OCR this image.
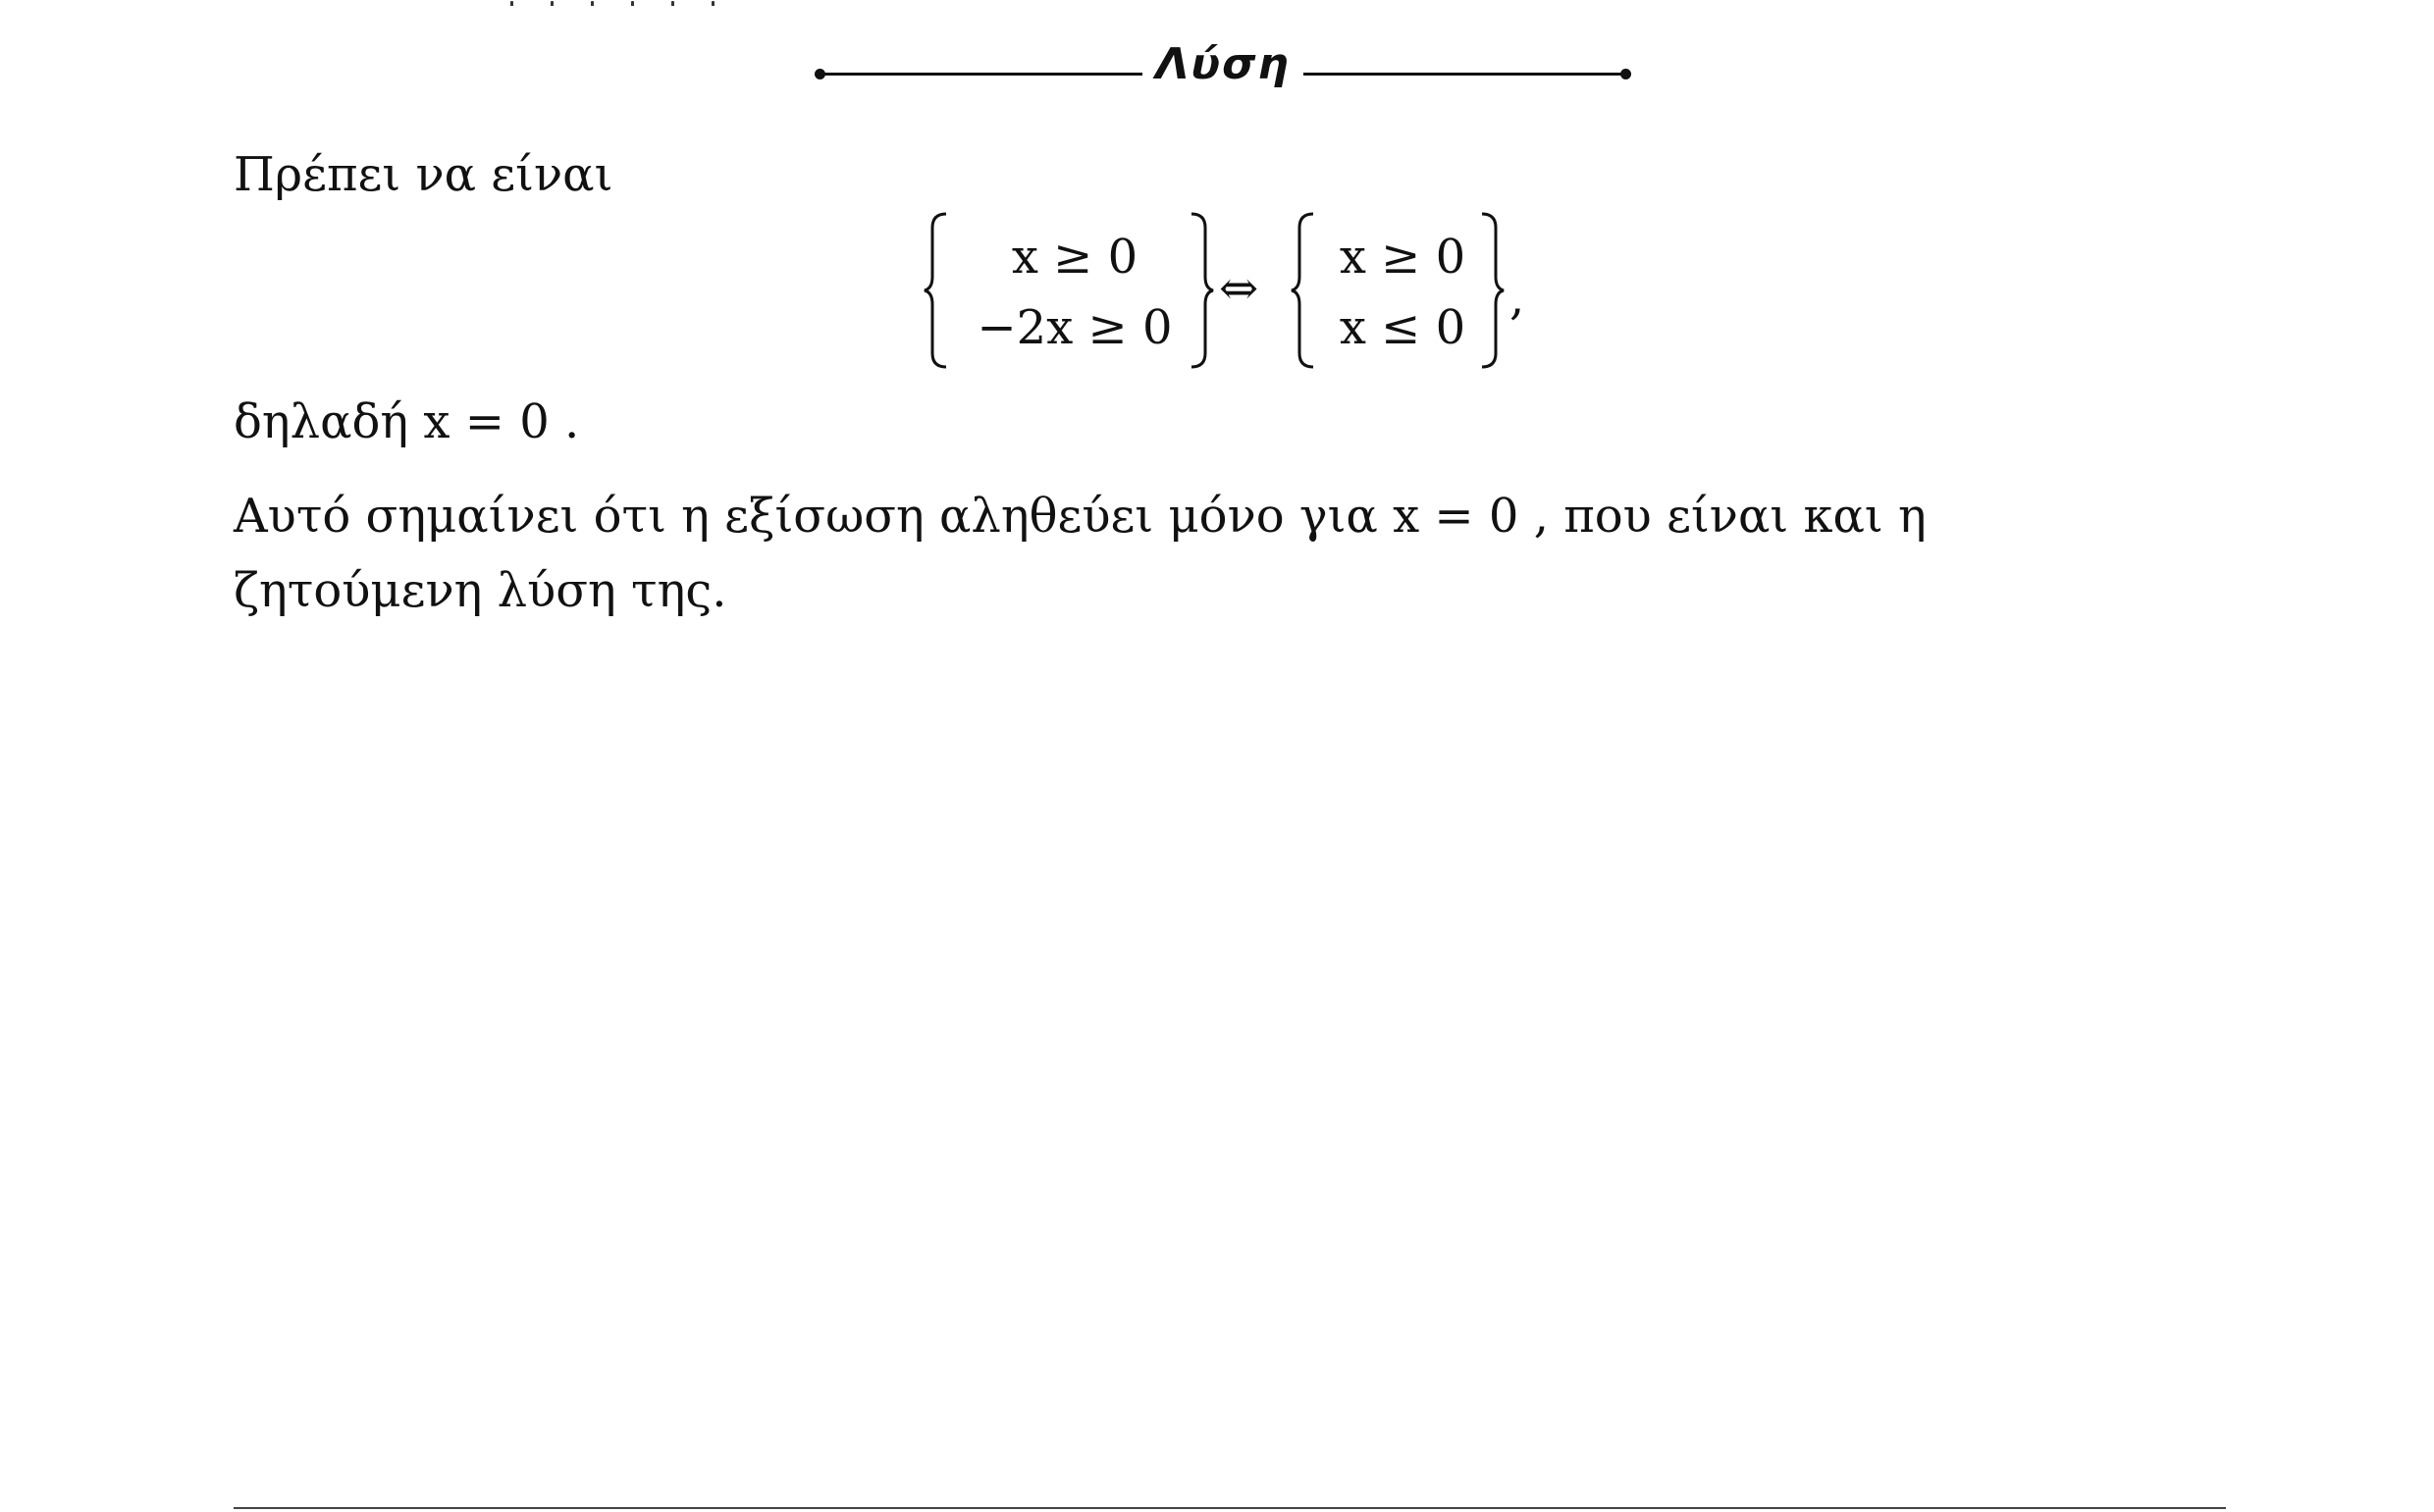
Λύση
Πρέπει να είναι
x ≥ 0
−2x ≥ 0
⇔
x ≥ 0
x ≤ 0
,
δηλαδή x = 0 .
Αυτό σημαίνει ότι η εξίσωση αληθεύει μόνο για x = 0 , που είναι και η ζητούμενη λύση της.
